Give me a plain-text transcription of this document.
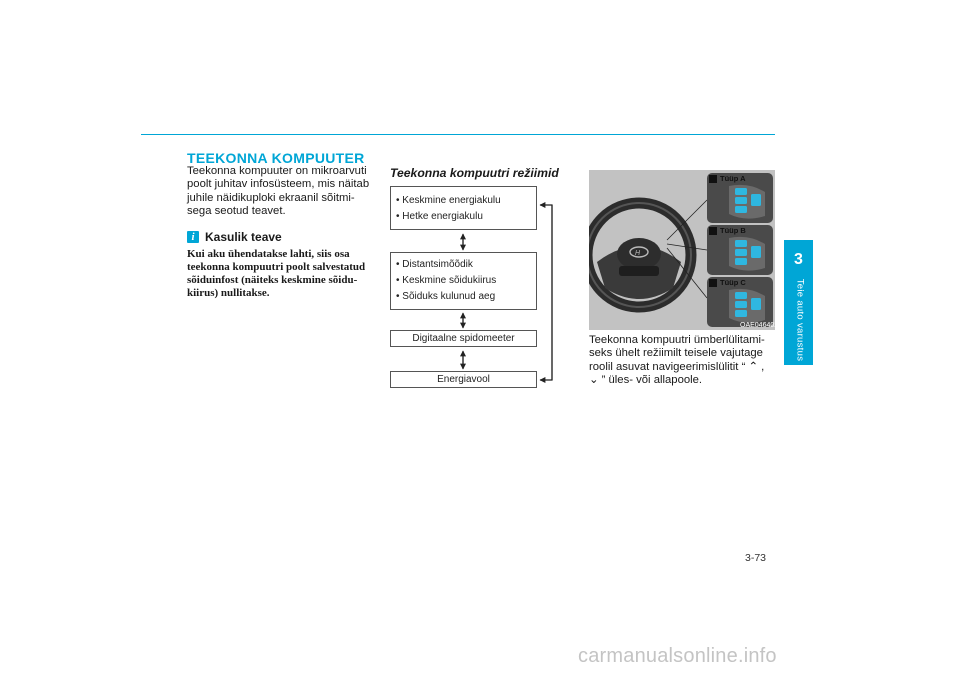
TEEKONNA KOMPUUTER
Teekonna kompuuter on mikroarvuti
poolt juhitav infosüsteem, mis näitab
juhile näidikuploki ekraanil sõitmi-
sega seotud teavet.
i Kasulik teave
Kui aku ühendatakse lahti, siis osa
teekonna kompuutri poolt salvestatud
sõiduinfost (näiteks keskmine sõidu-
kiirus) nullitakse.
Teekonna kompuutri režiimid
• Keskmine energiakulu
• Hetke energiakulu
• Distantsimõõdik
• Keskmine sõidukiirus
• Sõiduks kulunud aeg
Digitaalne spidomeeter
Energiavool
H
Tüüp A
Tüüp B
Tüüp C
OAE046402
Teekonna kompuutri ümberlülitami-
seks ühelt režiimilt teisele vajutage
roolil asuvat navigeerimislülitit “ ⌃ ,
⌄ ” üles- või allapoole.
3
Teie auto varustus
3-73
carmanualsonline.info
